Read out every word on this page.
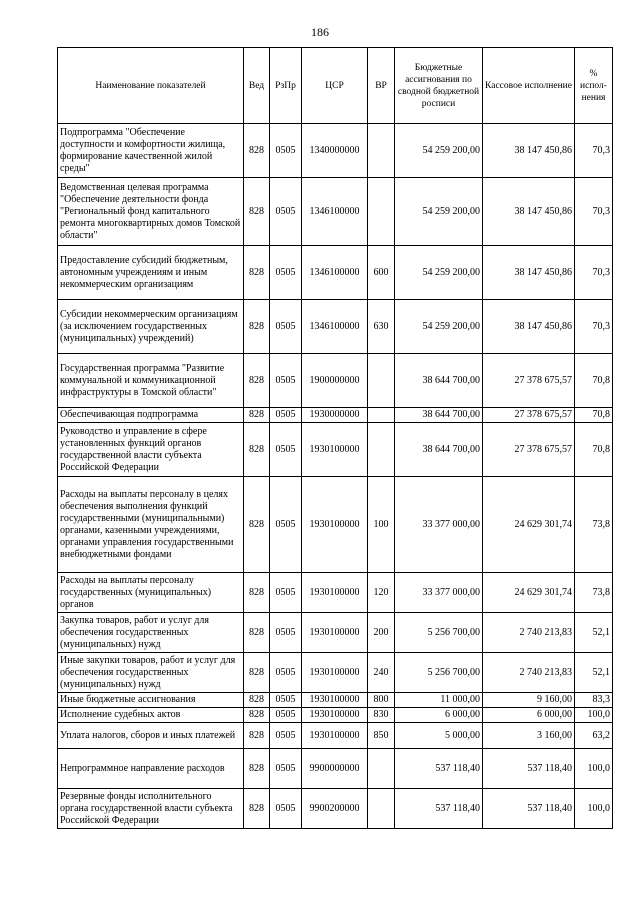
186
Наименование показателей	Вед	РзПр	ЦСР	ВР	Бюджетные ассигнования по сводной бюджетной росписи	Кассовое исполнение	% испол-нения
Подпрограмма "Обеспечение доступности и комфортности жилища, формирование качественной жилой среды"	828	0505	1340000000		54 259 200,00	38 147 450,86	70,3
Ведомственная целевая программа "Обеспечение деятельности фонда "Региональный фонд капитального ремонта многоквартирных домов Томской области"	828	0505	1346100000		54 259 200,00	38 147 450,86	70,3
Предоставление субсидий бюджетным, автономным учреждениям и иным некоммерческим организациям	828	0505	1346100000	600	54 259 200,00	38 147 450,86	70,3
Субсидии некоммерческим организациям (за исключением государственных (муниципальных) учреждений)	828	0505	1346100000	630	54 259 200,00	38 147 450,86	70,3
Государственная программа "Развитие коммунальной и коммуникационной инфраструктуры в Томской области"	828	0505	1900000000		38 644 700,00	27 378 675,57	70,8
Обеспечивающая подпрограмма	828	0505	1930000000		38 644 700,00	27 378 675,57	70,8
Руководство и управление в сфере установленных функций органов государственной власти субъекта Российской Федерации	828	0505	1930100000		38 644 700,00	27 378 675,57	70,8
Расходы на выплаты персоналу в целях обеспечения выполнения функций государственными (муниципальными) органами, казенными учреждениями, органами управления государственными внебюджетными фондами	828	0505	1930100000	100	33 377 000,00	24 629 301,74	73,8
Расходы на выплаты персоналу государственных (муниципальных) органов	828	0505	1930100000	120	33 377 000,00	24 629 301,74	73,8
Закупка товаров, работ и услуг для обеспечения государственных (муниципальных) нужд	828	0505	1930100000	200	5 256 700,00	2 740 213,83	52,1
Иные закупки товаров, работ и услуг для обеспечения государственных (муниципальных) нужд	828	0505	1930100000	240	5 256 700,00	2 740 213,83	52,1
Иные бюджетные ассигнования	828	0505	1930100000	800	11 000,00	9 160,00	83,3
Исполнение судебных актов	828	0505	1930100000	830	6 000,00	6 000,00	100,0
Уплата налогов, сборов и иных платежей	828	0505	1930100000	850	5 000,00	3 160,00	63,2
Непрограммное направление расходов	828	0505	9900000000		537 118,40	537 118,40	100,0
Резервные фонды исполнительного органа государственной власти субъекта Российской Федерации	828	0505	9900200000		537 118,40	537 118,40	100,0
